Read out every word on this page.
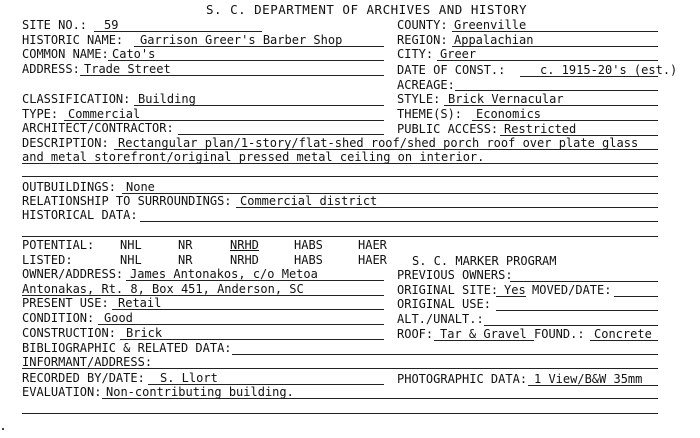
S. C. DEPARTMENT OF ARCHIVES AND HISTORY
SITE NO.: 59	COUNTY: Greenville
HISTORIC NAME: Garrison Greer's Barber Shop	REGION: Appalachian
COMMON NAME: Cato's	CITY: Greer
ADDRESS: Trade Street	DATE OF CONST.:	c. 1915-20's (est.)
ACREAGE:
CLASSIFICATION: Building	STYLE: Brick Vernacular
TYPE: Commercial	THEME(S): Economics
ARCHITECT/CONTRACTOR:	PUBLIC ACCESS: Restricted
DESCRIPTION: Rectangular plan/1-story/flat-shed roof/shed porch roof over plate glass
and metal storefront/original pressed metal ceiling on interior.
OUTBUILDINGS: None
RELATIONSHIP TO SURROUNDINGS: Commercial district
HISTORICAL DATA:
POTENTIAL: NHL	NR	NRHD	HABS	HAER
LISTED:	NHL	NR	NRHD	HABS	HAER S. C. MARKER PROGRAM
OWNER/ADDRESS: James Antonakos, c/o Metoa	PREVIOUS OWNERS:
Antonakas, Rt. 8, Box 451, Anderson, SC	ORIGINAL SITE: Yes MOVED/DATE:
PRESENT USE: Retail	ORIGINAL USE:
CONDITION: Good	ALT./UNALT.:
CONSTRUCTION: Brick	ROOF: Tar & Gravel FOUND.: Concrete
BIBLIOGRAPHIC & RELATED DATA:
INFORMANT/ADDRESS:
RECORDED BY/DATE: S. Llort	PHOTOGRAPHIC DATA: 1 View/B&W 35mm
EVALUATION: Non-contributing building.
